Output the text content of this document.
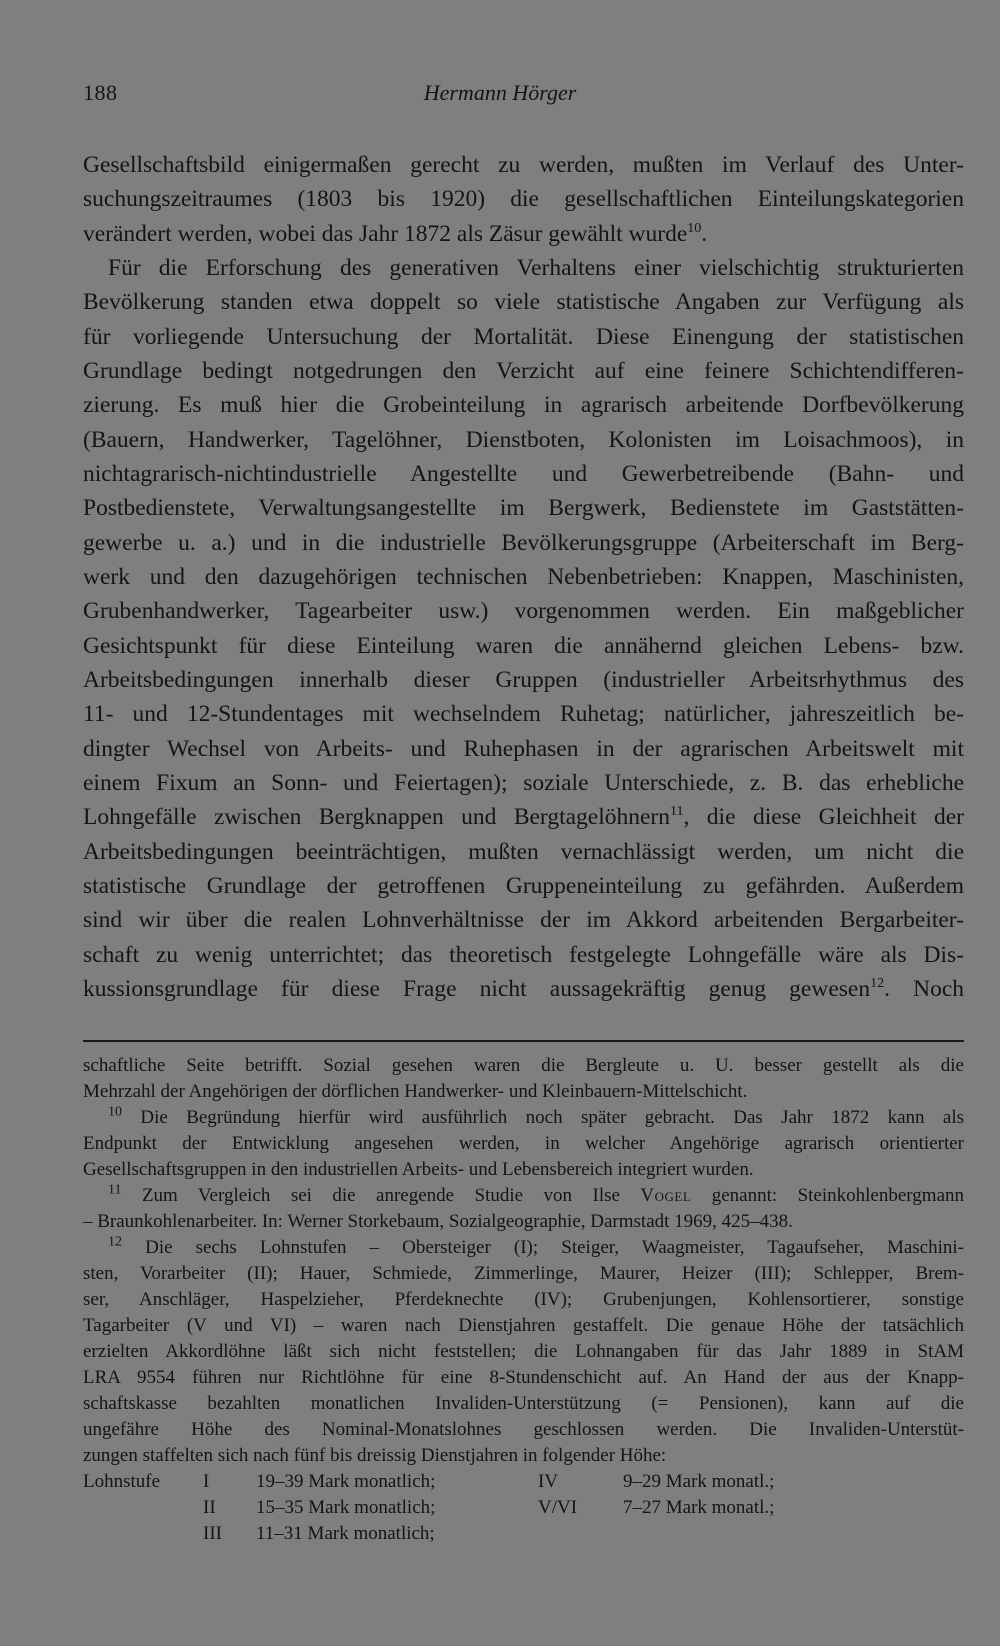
Hermann Hörger
188
Gesellschaftsbild einigermaßen gerecht zu werden, mußten im Verlauf des Unter-
suchungszeitraumes (1803 bis 1920) die gesellschaftlichen Einteilungskategorien
verändert werden, wobei das Jahr 1872 als Zäsur gewählt wurde$^{10}$.
Für die Erforschung des generativen Verhaltens einer vielschichtig strukturierten
Bevölkerung standen etwa doppelt so viele statistische Angaben zur Verfügung als
für vorliegende Untersuchung der Mortalität. Diese Einengung der statistischen
Grundlage bedingt notgedrungen den Verzicht auf eine feinere Schichtendifferen-
zierung. Es muß hier die Grobeinteilung in agrarisch arbeitende Dorfbevölkerung
(Bauern, Handwerker, Tagelöhner, Dienstboten, Kolonisten im Loisachmoos), in
nichtagrarisch-nichtindustrielle Angestellte und Gewerbetreibende (Bahn- und
Postbedienstete, Verwaltungsangestellte im Bergwerk, Bedienstete im Gaststätten-
gewerbe u. a.) und in die industrielle Bevölkerungsgruppe (Arbeiterschaft im Berg-
werk und den dazugehörigen technischen Nebenbetrieben: Knappen, Maschinisten,
Grubenhandwerker, Tagearbeiter usw.) vorgenommen werden. Ein maßgeblicher
Gesichtspunkt für diese Einteilung waren die annähernd gleichen Lebens- bzw.
Arbeitsbedingungen innerhalb dieser Gruppen (industrieller Arbeitsrhythmus des
11- und 12-Stundentages mit wechselndem Ruhetag; natürlicher, jahreszeitlich be-
dingter Wechsel von Arbeits- und Ruhephasen in der agrarischen Arbeitswelt mit
einem Fixum an Sonn- und Feiertagen); soziale Unterschiede, z. B. das erhebliche
Lohngefälle zwischen Bergknappen und Bergtagelöhnern$^{11}$, die diese Gleichheit der
Arbeitsbedingungen beeinträchtigen, mußten vernachlässigt werden, um nicht die
statistische Grundlage der getroffenen Gruppeneinteilung zu gefährden. Außerdem
sind wir über die realen Lohnverhältnisse der im Akkord arbeitenden Bergarbeiter-
schaft zu wenig unterrichtet; das theoretisch festgelegte Lohngefälle wäre als Dis-
kussionsgrundlage für diese Frage nicht aussagekräftig genug gewesen$^{12}$. Noch
schaftliche Seite betrifft. Sozial gesehen waren die Bergleute u. U. besser gestellt als die
Mehrzahl der Angehörigen der dörflichen Handwerker- und Kleinbauern-Mittelschicht.
$^{10}$ Die Begründung hierfür wird ausführlich noch später gebracht. Das Jahr 1872 kann als
Endpunkt der Entwicklung angesehen werden, in welcher Angehörige agrarisch orientierter
Gesellschaftsgruppen in den industriellen Arbeits- und Lebensbereich integriert wurden.
$^{11}$ Zum Vergleich sei die anregende Studie von Ilse Vogel genannt: Steinkohlenbergmann
– Braunkohlenarbeiter. In: Werner Storkebaum, Sozialgeographie, Darmstadt 1969, 425–438.
$^{12}$ Die sechs Lohnstufen – Obersteiger (I); Steiger, Waagmeister, Tagaufseher, Maschini-
sten, Vorarbeiter (II); Hauer, Schmiede, Zimmerlinge, Maurer, Heizer (III); Schlepper, Brem-
ser, Anschläger, Haspelzieher, Pferdeknechte (IV); Grubenjungen, Kohlensortierer, sonstige
Tagarbeiter (V und VI) – waren nach Dienstjahren gestaffelt. Die genaue Höhe der tatsächlich
erzielten Akkordlöhne läßt sich nicht feststellen; die Lohnangaben für das Jahr 1889 in StAM
LRA 9554 führen nur Richtlöhne für eine 8-Stundenschicht auf. An Hand der aus der Knapp-
schaftskasse bezahlten monatlichen Invaliden-Unterstützung (= Pensionen), kann auf die
ungefähre Höhe des Nominal-Monatslohnes geschlossen werden. Die Invaliden-Unterstüt-
zungen staffelten sich nach fünf bis dreissig Dienstjahren in folgender Höhe:
Lohnstufe I 19–39 Mark monatlich;	IV	9–29 Mark monatl.;
II 15–35 Mark monatlich;	V/VI 7–27 Mark monatl.;
III 11–31 Mark monatlich;
